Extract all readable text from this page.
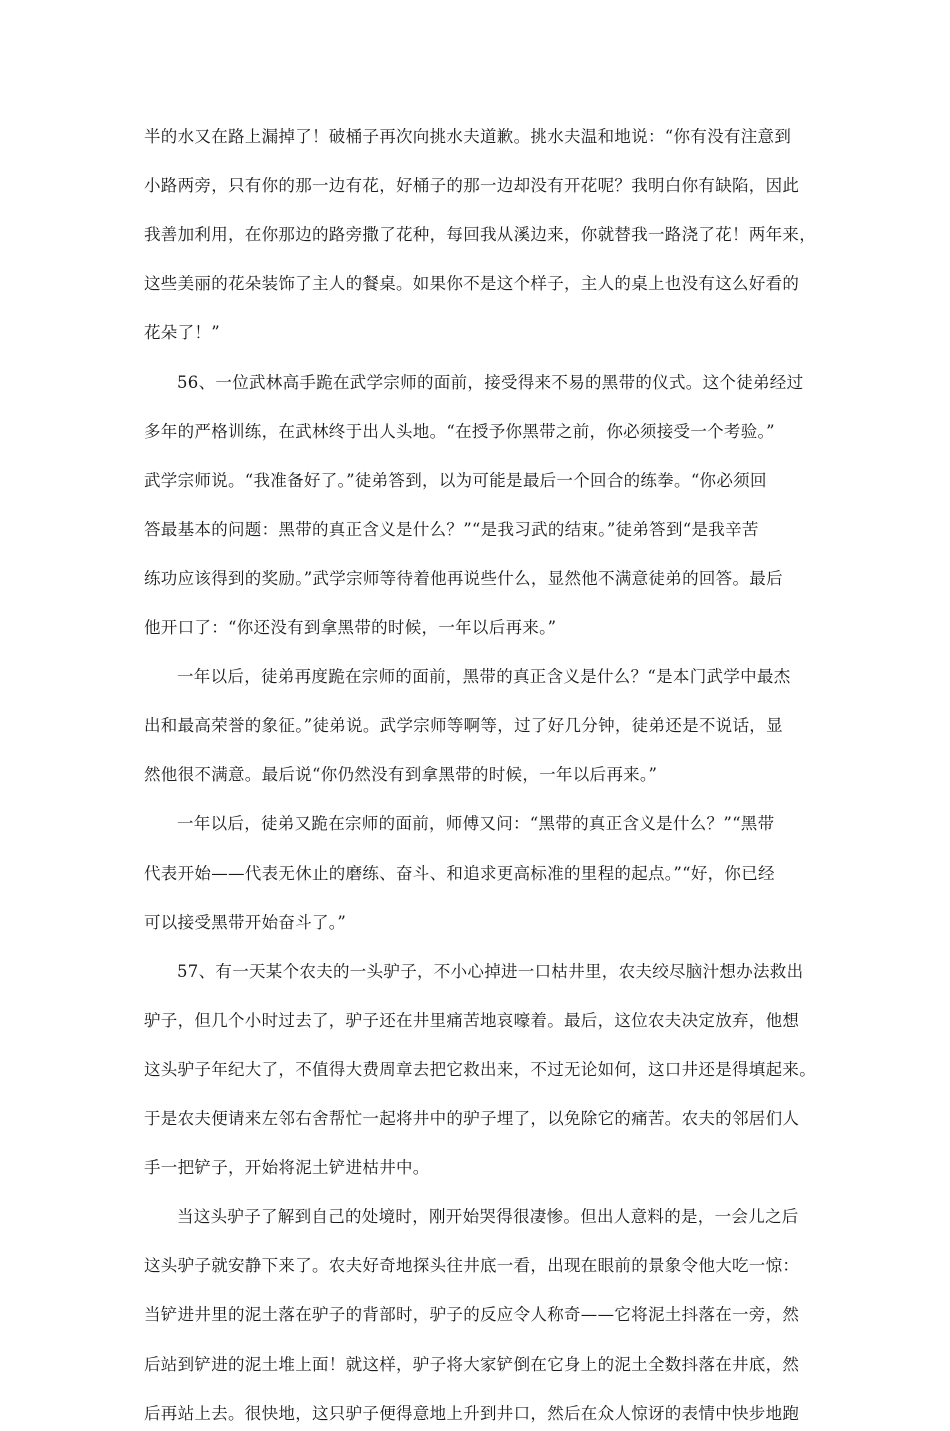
半的水又在路上漏掉了！破桶子再次向挑水夫道歉。挑水夫温和地说：“你有没有注意到
小路两旁，只有你的那一边有花，好桶子的那一边却没有开花呢？我明白你有缺陷，因此
我善加利用，在你那边的路旁撒了花种，每回我从溪边来，你就替我一路浇了花！两年来，
这些美丽的花朵装饰了主人的餐桌。如果你不是这个样子，主人的桌上也没有这么好看的
花朵了！”
56、一位武林高手跪在武学宗师的面前，接受得来不易的黑带的仪式。这个徒弟经过
多年的严格训练，在武林终于出人头地。“在授予你黑带之前，你必须接受一个考验。”
武学宗师说。“我准备好了。”徒弟答到，以为可能是最后一个回合的练拳。“你必须回
答最基本的问题：黑带的真正含义是什么？”“是我习武的结束。”徒弟答到“是我辛苦
练功应该得到的奖励。”武学宗师等待着他再说些什么，显然他不满意徒弟的回答。最后
他开口了：“你还没有到拿黑带的时候，一年以后再来。”
一年以后，徒弟再度跪在宗师的面前，黑带的真正含义是什么？“是本门武学中最杰
出和最高荣誉的象征。”徒弟说。武学宗师等啊等，过了好几分钟，徒弟还是不说话，显
然他很不满意。最后说“你仍然没有到拿黑带的时候，一年以后再来。”
一年以后，徒弟又跪在宗师的面前，师傅又问：“黑带的真正含义是什么？”“黑带
代表开始——代表无休止的磨练、奋斗、和追求更高标准的里程的起点。”“好，你已经
可以接受黑带开始奋斗了。”
57、有一天某个农夫的一头驴子，不小心掉进一口枯井里，农夫绞尽脑汁想办法救出
驴子，但几个小时过去了，驴子还在井里痛苦地哀嚎着。最后，这位农夫决定放弃，他想
这头驴子年纪大了，不值得大费周章去把它救出来，不过无论如何，这口井还是得填起来。
于是农夫便请来左邻右舍帮忙一起将井中的驴子埋了，以免除它的痛苦。农夫的邻居们人
手一把铲子，开始将泥土铲进枯井中。
当这头驴子了解到自己的处境时，刚开始哭得很凄惨。但出人意料的是，一会儿之后
这头驴子就安静下来了。农夫好奇地探头往井底一看，出现在眼前的景象令他大吃一惊：
当铲进井里的泥土落在驴子的背部时，驴子的反应令人称奇——它将泥土抖落在一旁，然
后站到铲进的泥土堆上面！就这样，驴子将大家铲倒在它身上的泥土全数抖落在井底，然
后再站上去。很快地，这只驴子便得意地上升到井口，然后在众人惊讶的表情中快步地跑
